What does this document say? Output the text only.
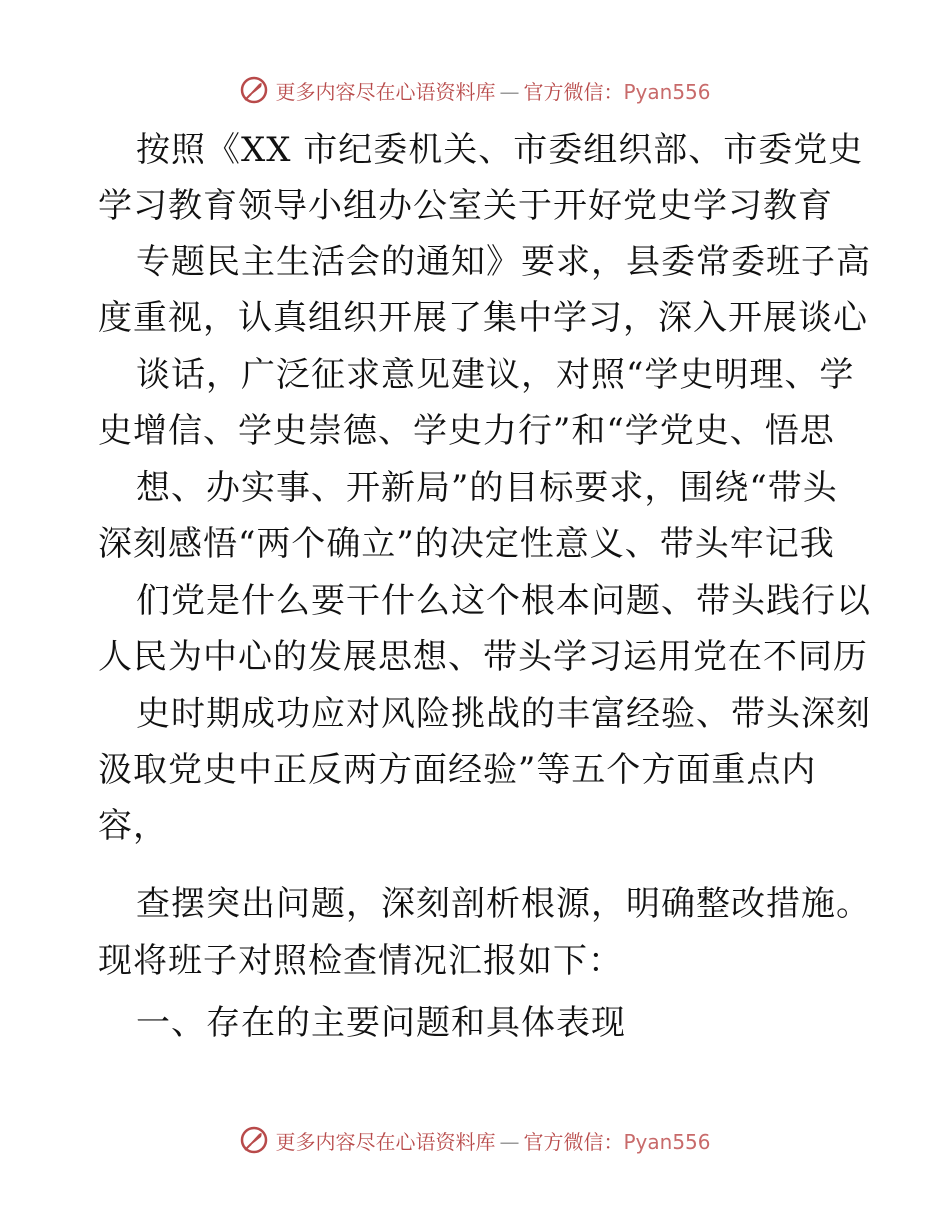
更多内容尽在心语资料库 — 官方微信：Pyan556
按照《XX 市纪委机关、市委组织部、市委党史
学习教育领导小组办公室关于开好党史学习教育
专题民主生活会的通知》要求，县委常委班子高
度重视，认真组织开展了集中学习，深入开展谈心
谈话，广泛征求意见建议，对照“学史明理、学
史增信、学史崇德、学史力行”和“学党史、悟思
想、办实事、开新局”的目标要求，围绕“带头
深刻感悟“两个确立”的决定性意义、带头牢记我
们党是什么要干什么这个根本问题、带头践行以
人民为中心的发展思想、带头学习运用党在不同历
史时期成功应对风险挑战的丰富经验、带头深刻
汲取党史中正反两方面经验”等五个方面重点内
容，
查摆突出问题，深刻剖析根源，明确整改措施。
现将班子对照检查情况汇报如下：
一、存在的主要问题和具体表现
更多内容尽在心语资料库 — 官方微信：Pyan556
